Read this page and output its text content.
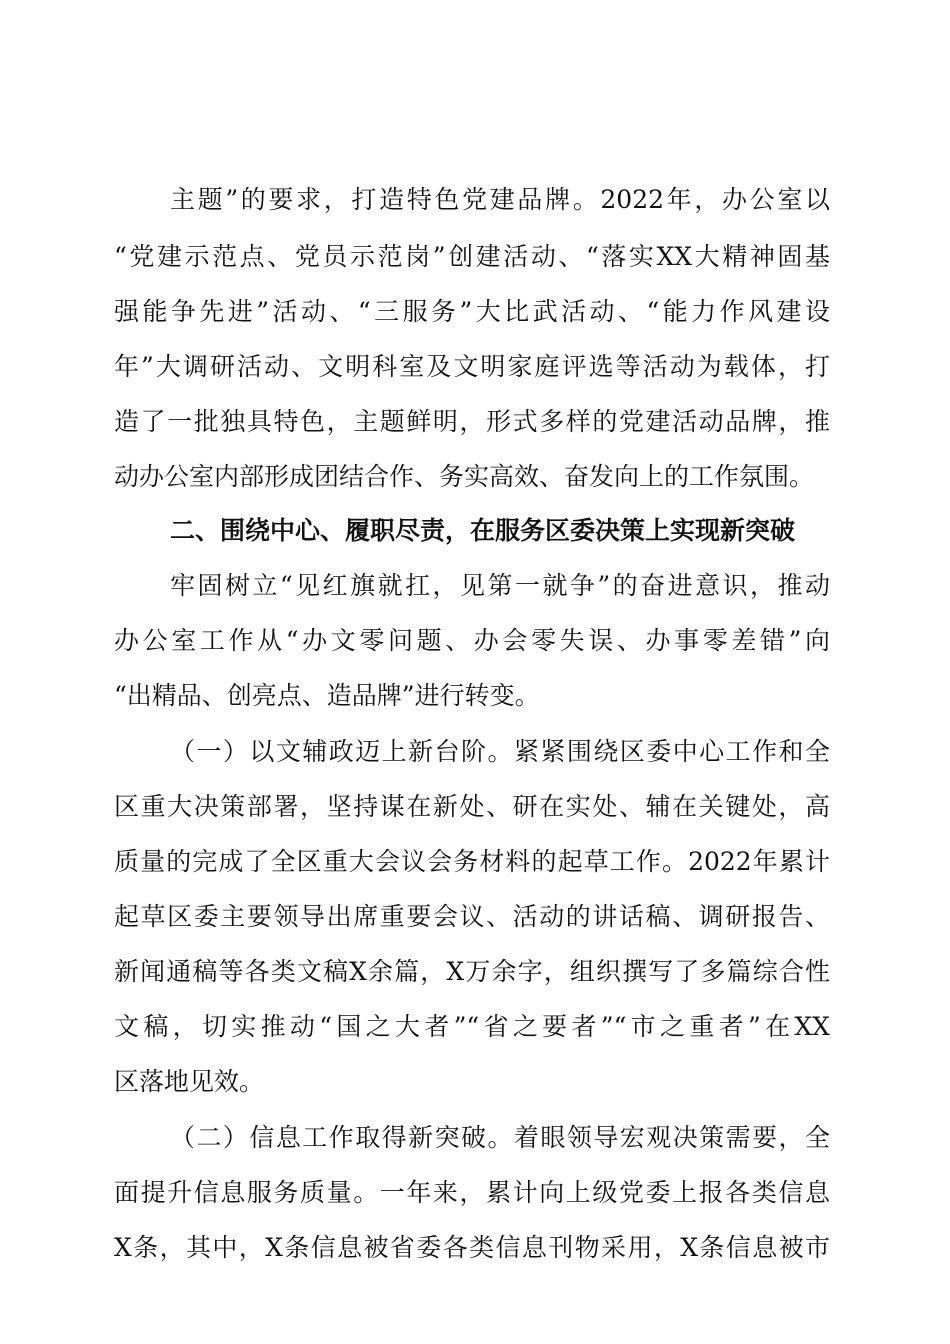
主题”的要求，打造特色党建品牌。2022年，办公室以
“党建示范点、党员示范岗”创建活动、“落实XX大精神固基
强能争先进”活动、“三服务”大比武活动、“能力作风建设
年”大调研活动、文明科室及文明家庭评选等活动为载体，打
造了一批独具特色，主题鲜明，形式多样的党建活动品牌，推
动办公室内部形成团结合作、务实高效、奋发向上的工作氛围。
二、围绕中心、履职尽责，在服务区委决策上实现新突破
牢固树立“见红旗就扛，见第一就争”的奋进意识，推动
办公室工作从“办文零问题、办会零失误、办事零差错”向
“出精品、创亮点、造品牌”进行转变。
（一）以文辅政迈上新台阶。紧紧围绕区委中心工作和全
区重大决策部署，坚持谋在新处、研在实处、辅在关键处，高
质量的完成了全区重大会议会务材料的起草工作。2022年累计
起草区委主要领导出席重要会议、活动的讲话稿、调研报告、
新闻通稿等各类文稿X余篇，X万余字，组织撰写了多篇综合性
文稿，切实推动“国之大者”“省之要者”“市之重者”在XX
区落地见效。
（二）信息工作取得新突破。着眼领导宏观决策需要，全
面提升信息服务质量。一年来，累计向上级党委上报各类信息
X条，其中，X条信息被省委各类信息刊物采用，X条信息被市
